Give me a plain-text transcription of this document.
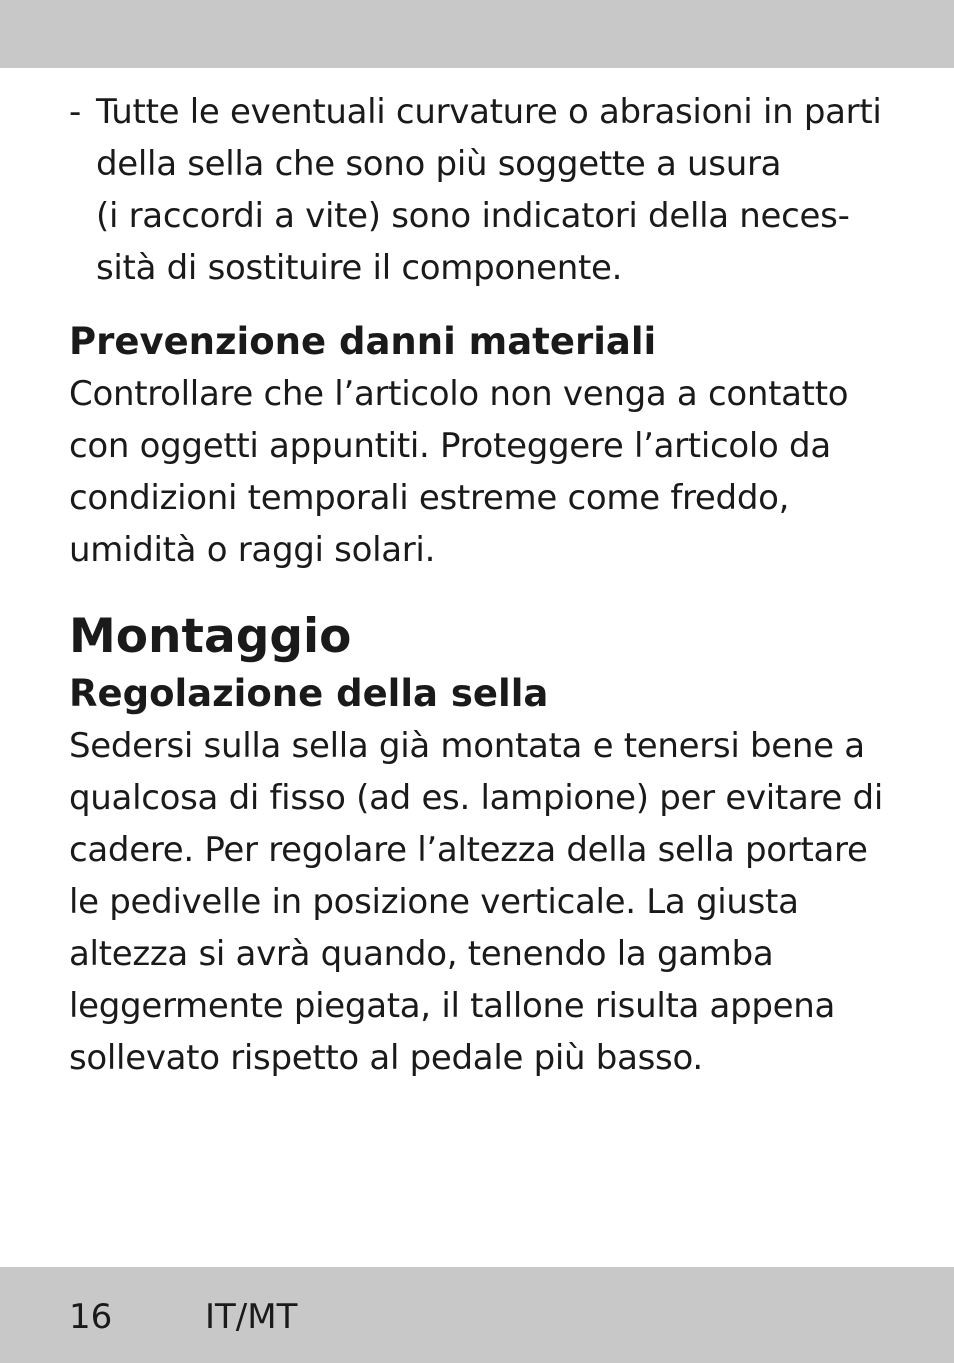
- Tutte le eventuali curvature o abrasioni in parti
della sella che sono più soggette a usura
(i raccordi a vite) sono indicatori della neces-
sità di sostituire il componente.
Prevenzione danni materiali
Controllare che l’articolo non venga a contatto
con oggetti appuntiti. Proteggere l’articolo da
condizioni temporali estreme come freddo,
umidità o raggi solari.
Montaggio
Regolazione della sella
Sedersi sulla sella già montata e tenersi bene a
qualcosa di fisso (ad es. lampione) per evitare di
cadere. Per regolare l’altezza della sella portare
le pedivelle in posizione verticale. La giusta
altezza si avrà quando, tenendo la gamba
leggermente piegata, il tallone risulta appena
sollevato rispetto al pedale più basso.
16	IT/MT
